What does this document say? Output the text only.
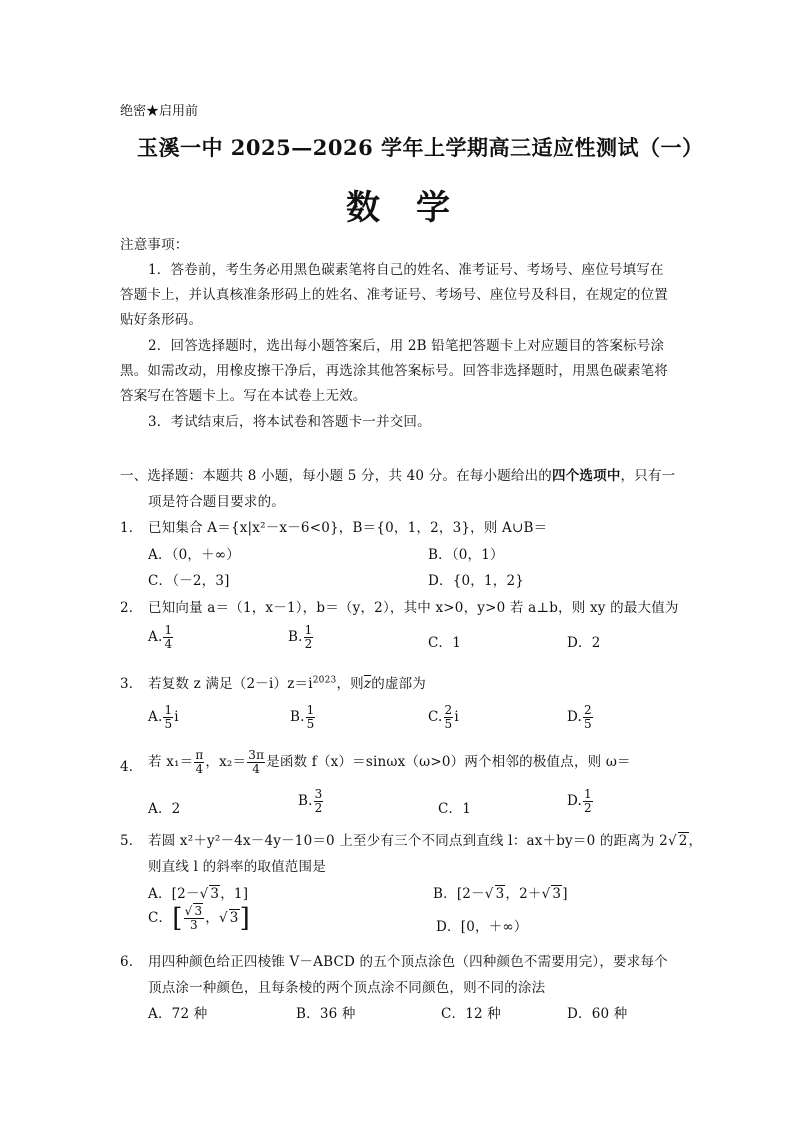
绝密★启用前
玉溪一中 2025—2026 学年上学期高三适应性测试（一）
数学
注意事项：
1．答卷前，考生务必用黑色碳素笔将自己的姓名、准考证号、考场号、座位号填写在
答题卡上，并认真核准条形码上的姓名、准考证号、考场号、座位号及科目，在规定的位置
贴好条形码。
2．回答选择题时，选出每小题答案后，用 2B 铅笔把答题卡上对应题目的答案标号涂
黑。如需改动，用橡皮擦干净后，再选涂其他答案标号。回答非选择题时，用黑色碳素笔将
答案写在答题卡上。写在本试卷上无效。
3．考试结束后，将本试卷和答题卡一并交回。
一、选择题：本题共 8 小题，每小题 5 分，共 40 分。在每小题给出的四个选项中，只有一
项是符合题目要求的。
1． 已知集合 A＝{x|x²－x－6<0}，B＝{0，1，2，3}，则 A∪B＝
A．（0，＋∞）	B．（0，1）
C．（－2，3]	D．{0，1，2}
2． 已知向量 a＝（1，x－1），b＝（y，2），其中 x>0，y>0 若 a⊥b，则 xy 的最大值为
A. $\frac{1}{4}$	B. $\frac{1}{2}$	C．1	D．2
3． 若复数 z 满足$(2-i)z=i^{2023}$，则$\overline{z}$的虚部为
A. $\frac{1}{5}$ i	B. $\frac{1}{5}$	C. $\frac{2}{5}$ i	D. $\frac{2}{5}$
4． 若 $x_1= \frac{\pi}{4}$ ，$x_2= \frac{3\pi}{4}$ 是函数 f（x）＝sinωx（ω>0）两个相邻的极值点，则 ω＝
A．2	B. $\frac{3}{2}$	C．1	D. $\frac{1}{2}$
5． 若圆 x²＋y²－4x－4y－10＝0 上至少有三个不同点到直线 l：ax＋by＝0 的距离为 2√ 2，
则直线 l 的斜率的取值范围是
A．[2－√ 3，1]	B．[2－√ 3，2＋√ 3]
C．[ $\frac{√ 3}{3}$ ，√ 3]	D．[0，＋∞）
6． 用四种颜色给正四棱锥 V－ABCD 的五个顶点涂色（四种颜色不需要用完），要求每个
顶点涂一种颜色，且每条棱的两个顶点涂不同颜色，则不同的涂法
A．72 种	B．36 种	C．12 种	D．60 种
